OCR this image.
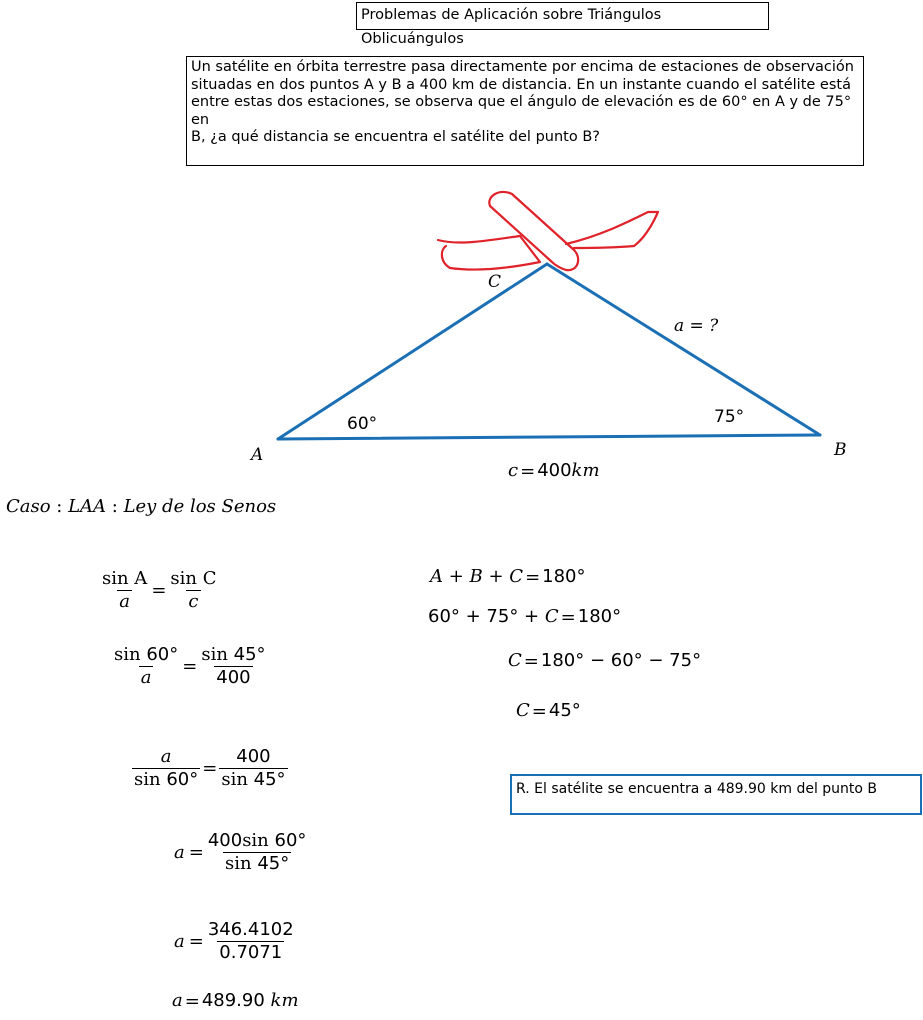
Problemas de Aplicación sobre Triángulos Oblicuángulos
Un satélite en órbita terrestre pasa directamente por encima de estaciones de observación
situadas en dos puntos A y B a 400 km de distancia. En un instante cuando el satélite está
entre estas dos estaciones, se observa que el ángulo de elevación es de 60° en A y de 75° en
B, ¿a qué distancia se encuentra el satélite del punto B?
C
A	B
60°	75°
a = ?
c = 400km
Caso : LAA : Ley de los Senos
$\frac{\text{sin A}}{a} = \frac{\text{sin C}}{c}$
$\frac{\sin 60^\circ}{a} = \frac{\sin 45^\circ}{400}$
$\frac{a}{\sin 60^\circ} = \frac{400}{\sin 45^\circ}$
$a = \frac{400\sin 60^\circ}{\sin 45^\circ}$
$a = \frac{346.4102}{0.7071}$
a = 489.90 km
A + B + C = 180°
60° + 75° + C = 180°
C = 180° − 60° − 75°
C = 45°
R. El satélite se encuentra a 489.90 km del punto B
